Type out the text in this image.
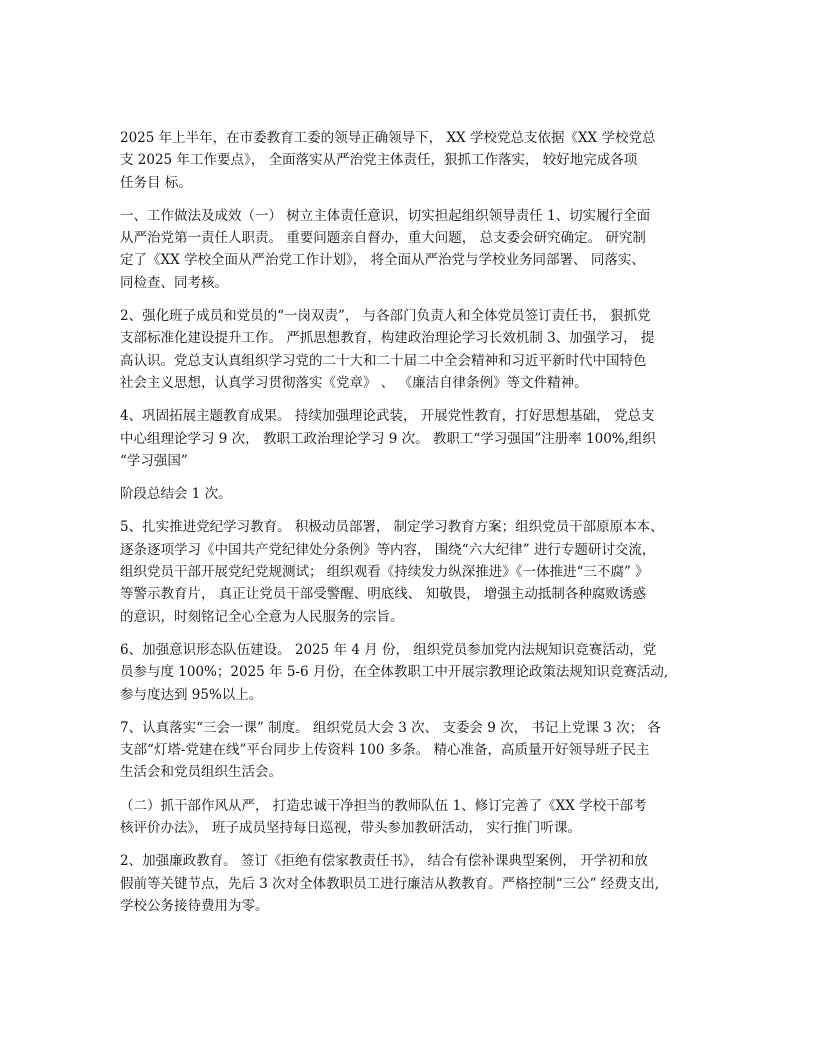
2025 年上半年，在市委教育工委的领导正确领导下， XX 学校党总支依据《XX 学校党总
支 2025 年工作要点》， 全面落实从严治党主体责任，狠抓工作落实， 较好地完成各项
任务目 标。

一、工作做法及成效（一） 树立主体责任意识，切实担起组织领导责任 1、切实履行全面
从严治党第一责任人职责。 重要问题亲自督办，重大问题， 总支委会研究确定。 研究制
定了《XX 学校全面从严治党工作计划》， 将全面从严治党与学校业务同部署、 同落实、
同检查、同考核。

2、强化班子成员和党员的“一岗双责”， 与各部门负责人和全体党员签订责任书， 狠抓党
支部标准化建设提升工作。 严抓思想教育，构建政治理论学习长效机制 3、加强学习， 提
高认识。党总支认真组织学习党的二十大和二十届二中全会精神和习近平新时代中国特色
社会主义思想，认真学习贯彻落实《党章》 、 《廉洁自律条例》等文件精神。

4、巩固拓展主题教育成果。 持续加强理论武装， 开展党性教育，打好思想基础， 党总支
中心组理论学习 9 次， 教职工政治理论学习 9 次。 教职工“学习强国”注册率 100%,组织
“学习强国”

阶段总结会 1 次。

5、扎实推进党纪学习教育。 积极动员部署， 制定学习教育方案；组织党员干部原原本本、
逐条逐项学习《中国共产党纪律处分条例》等内容， 围绕“六大纪律” 进行专题研讨交流，
组织党员干部开展党纪党规测试； 组织观看《持续发力纵深推进》《一体推进“三不腐” 》
等警示教育片， 真正让党员干部受警醒、明底线、 知敬畏， 增强主动抵制各种腐败诱惑
的意识，时刻铭记全心全意为人民服务的宗旨。

6、加强意识形态队伍建设。 2025 年 4 月 份， 组织党员参加党内法规知识竞赛活动，党
员参与度 100%；2025 年 5-6 月份，在全体教职工中开展宗教理论政策法规知识竞赛活动,
参与度达到 95%以上。

7、认真落实“三会一课” 制度。 组织党员大会 3 次、 支委会 9 次， 书记上党课 3 次； 各
支部“灯塔-党建在线”平台同步上传资料 100 多条。 精心准备，高质量开好领导班子民主
生活会和党员组织生活会。

（二）抓干部作风从严， 打造忠诚干净担当的教师队伍 1、修订完善了《XX 学校干部考
核评价办法》， 班子成员坚持每日巡视，带头参加教研活动， 实行推门听课。

2、加强廉政教育。 签订《拒绝有偿家教责任书》， 结合有偿补课典型案例， 开学初和放
假前等关键节点，先后 3 次对全体教职员工进行廉洁从教教育。严格控制“三公” 经费支出,
学校公务接待费用为零。
